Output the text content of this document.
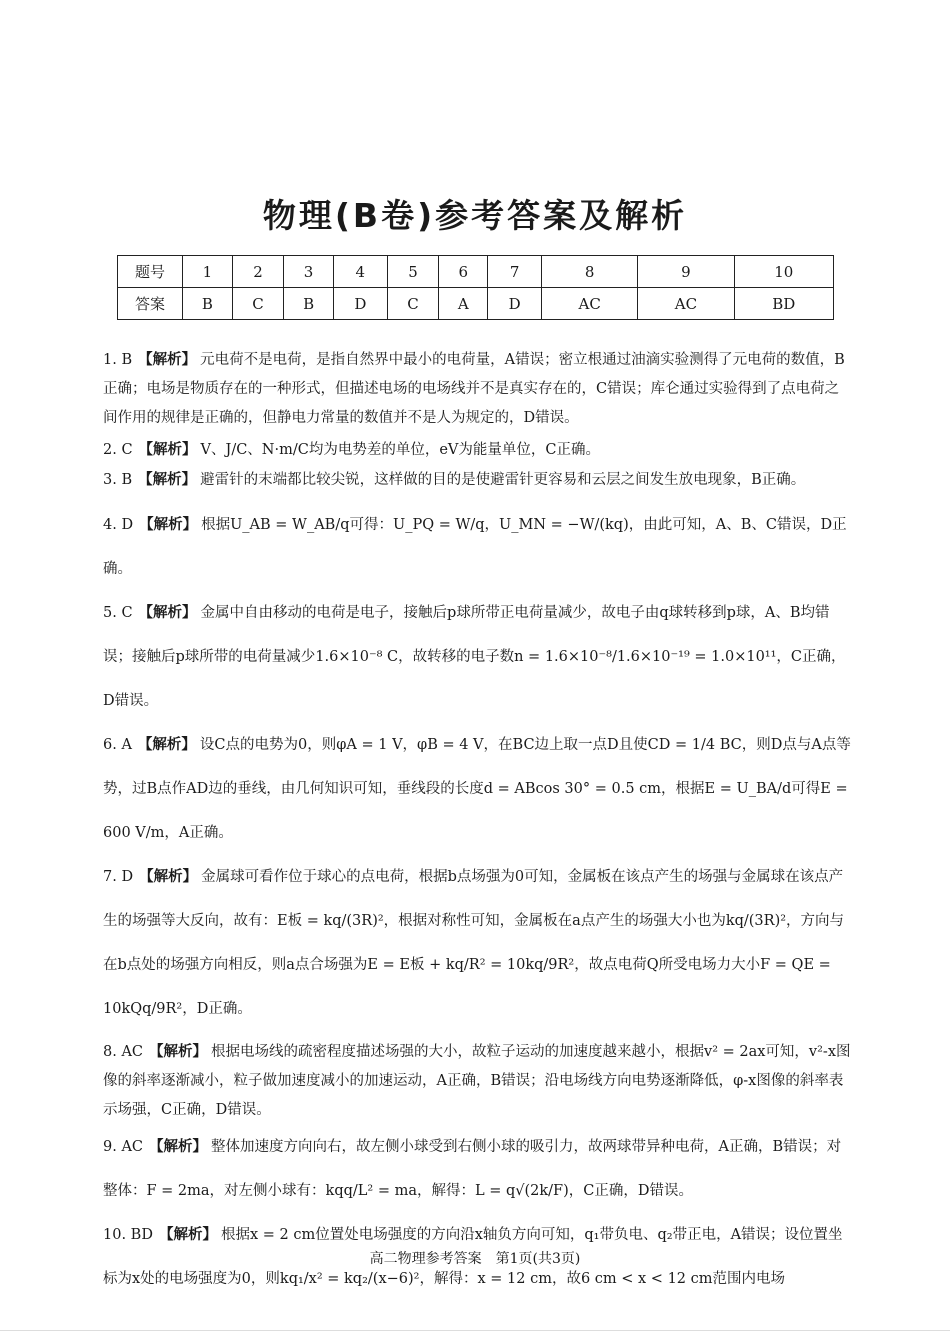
物理(B卷)参考答案及解析
题号	1	2	3	4	5	6	7	8	9	10
答案	B	C	B	D	C	A	D	AC	AC	BD
1. B 【解析】 元电荷不是电荷，是指自然界中最小的电荷量，A错误；密立根通过油滴实验测得了元电荷的数值，B正确；电场是物质存在的一种形式，但描述电场的电场线并不是真实存在的，C错误；库仑通过实验得到了点电荷之间作用的规律是正确的，但静电力常量的数值并不是人为规定的，D错误。
2. C 【解析】 V、J/C、N·m/C均为电势差的单位，eV为能量单位，C正确。
3. B 【解析】 避雷针的末端都比较尖锐，这样做的目的是使避雷针更容易和云层之间发生放电现象，B正确。
4. D 【解析】 根据U_AB = W_AB/q可得：U_PQ = W/q，U_MN = −W/(kq)，由此可知，A、B、C错误，D正确。
5. C 【解析】 金属中自由移动的电荷是电子，接触后p球所带正电荷量减少，故电子由q球转移到p球，A、B均错误；接触后p球所带的电荷量减少1.6×10⁻⁸ C，故转移的电子数n = 1.6×10⁻⁸/1.6×10⁻¹⁹ = 1.0×10¹¹，C正确，D错误。
6. A 【解析】 设C点的电势为0，则φA = 1 V，φB = 4 V，在BC边上取一点D且使CD = 1/4 BC，则D点与A点等势，过B点作AD边的垂线，由几何知识可知，垂线段的长度d = ABcos 30° = 0.5 cm，根据E = U_BA/d可得E = 600 V/m，A正确。
7. D 【解析】 金属球可看作位于球心的点电荷，根据b点场强为0可知，金属板在该点产生的场强与金属球在该点产生的场强等大反向，故有：E板 = kq/(3R)²，根据对称性可知，金属板在a点产生的场强大小也为kq/(3R)²，方向与在b点处的场强方向相反，则a点合场强为E = E板 + kq/R² = 10kq/9R²，故点电荷Q所受电场力大小F = QE = 10kQq/9R²，D正确。
8. AC 【解析】 根据电场线的疏密程度描述场强的大小，故粒子运动的加速度越来越小，根据v² = 2ax可知，v²-x图像的斜率逐渐减小，粒子做加速度减小的加速运动，A正确，B错误；沿电场线方向电势逐渐降低，φ-x图像的斜率表示场强，C正确，D错误。
9. AC 【解析】 整体加速度方向向右，故左侧小球受到右侧小球的吸引力，故两球带异种电荷，A正确，B错误；对整体：F = 2ma，对左侧小球有：kqq/L² = ma，解得：L = q√(2k/F)，C正确，D错误。
10. BD 【解析】 根据x = 2 cm位置处电场强度的方向沿x轴负方向可知，q₁带负电、q₂带正电，A错误；设位置坐标为x处的电场强度为0，则kq₁/x² = kq₂/(x−6)²，解得：x = 12 cm，故6 cm < x < 12 cm范围内电场
高二物理参考答案　第1页(共3页)
